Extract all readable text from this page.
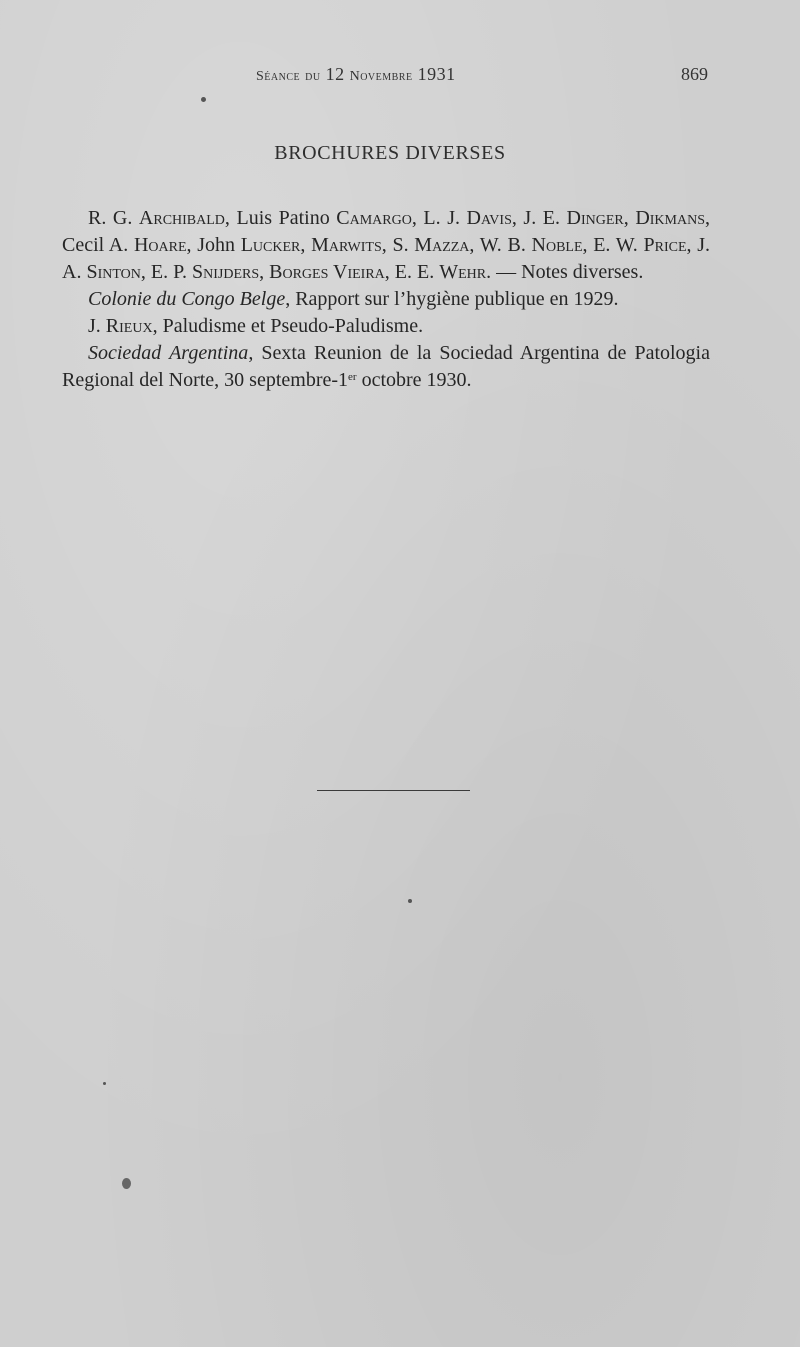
Séance du 12 Novembre 1931	869
BROCHURES DIVERSES

R. G. Archibald, Luis Patino Camargo, L. J. Davis, J. E. Dinger, Dikmans, Cecil A. Hoare, John Lucker, Marwits, S. Mazza, W. B. Noble, E. W. Price, J. A. Sinton, E. P. Snijders, Borges Vieira, E. E. Wehr. — Notes diverses.

Colonie du Congo Belge, Rapport sur l’hygiène publique en 1929.

J. Rieux, Paludisme et Pseudo-Paludisme.

Sociedad Argentina, Sexta Reunion de la Sociedad Argentina de Patologia Regional del Norte, 30 septembre-1er octobre 1930.
